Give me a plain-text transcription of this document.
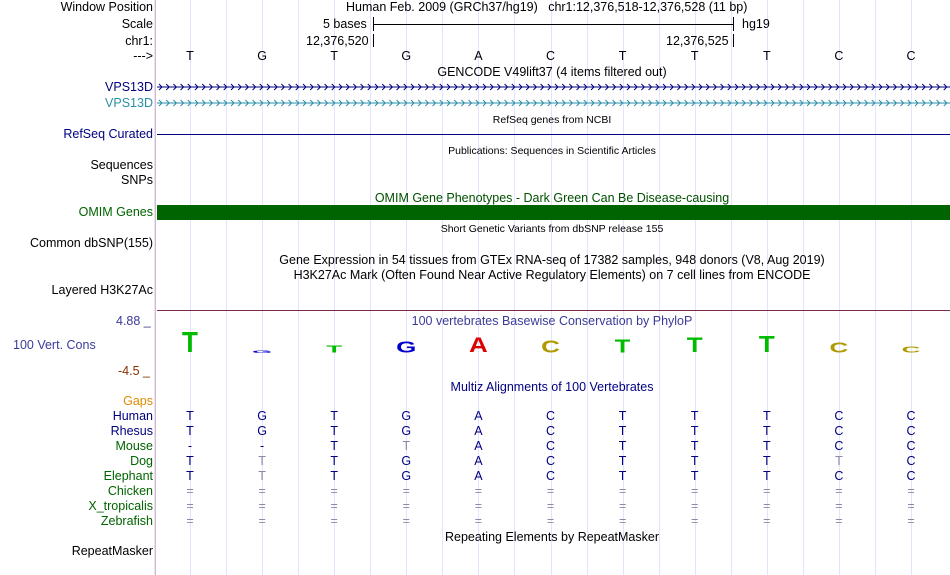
Window Position	Human Feb. 2009 (GRCh37/hg19)   chr1:12,376,518-12,376,528 (11 bp)
Scale	5 bases	hg19
chr1:	12,376,520	12,376,525
--->	T	G	T	G	A	C	T	T	T	C	C
GENCODE V49lift37 (4 items filtered out)
VPS13D
VPS13D
RefSeq genes from NCBI
RefSeq Curated
Publications: Sequences in Scientific Articles
Sequences
SNPs
OMIM Gene Phenotypes - Dark Green Can Be Disease-causing
OMIM Genes
Short Genetic Variants from dbSNP release 155
Common dbSNP(155)
Gene Expression in 54 tissues from GTEx RNA-seq of 17382 samples, 948 donors (V8, Aug 2019)
H3K27Ac Mark (Often Found Near Active Regulatory Elements) on 7 cell lines from ENCODE
Layered H3K27Ac
4.88 _	100 vertebrates Basewise Conservation by PhyloP
100 Vert. Cons
-4.5 _
T G T G A C T T T C C
Multiz Alignments of 100 Vertebrates
Gaps
Human	T	G	T	G	A	C	T	T	T	C	C
Rhesus	T	G	T	G	A	C	T	T	T	C	C
Mouse	-	-	T	T	A	C	T	T	T	C	C
Dog	T	T	T	G	A	C	T	T	T	T	C
Elephant	T	T	T	G	A	C	T	T	T	C	C
Chicken	=	=	=	=	=	=	=	=	=	=	=
X_tropicalis	=	=	=	=	=	=	=	=	=	=	=
Zebrafish	=	=	=	=	=	=	=	=	=	=	=
Repeating Elements by RepeatMasker
RepeatMasker
